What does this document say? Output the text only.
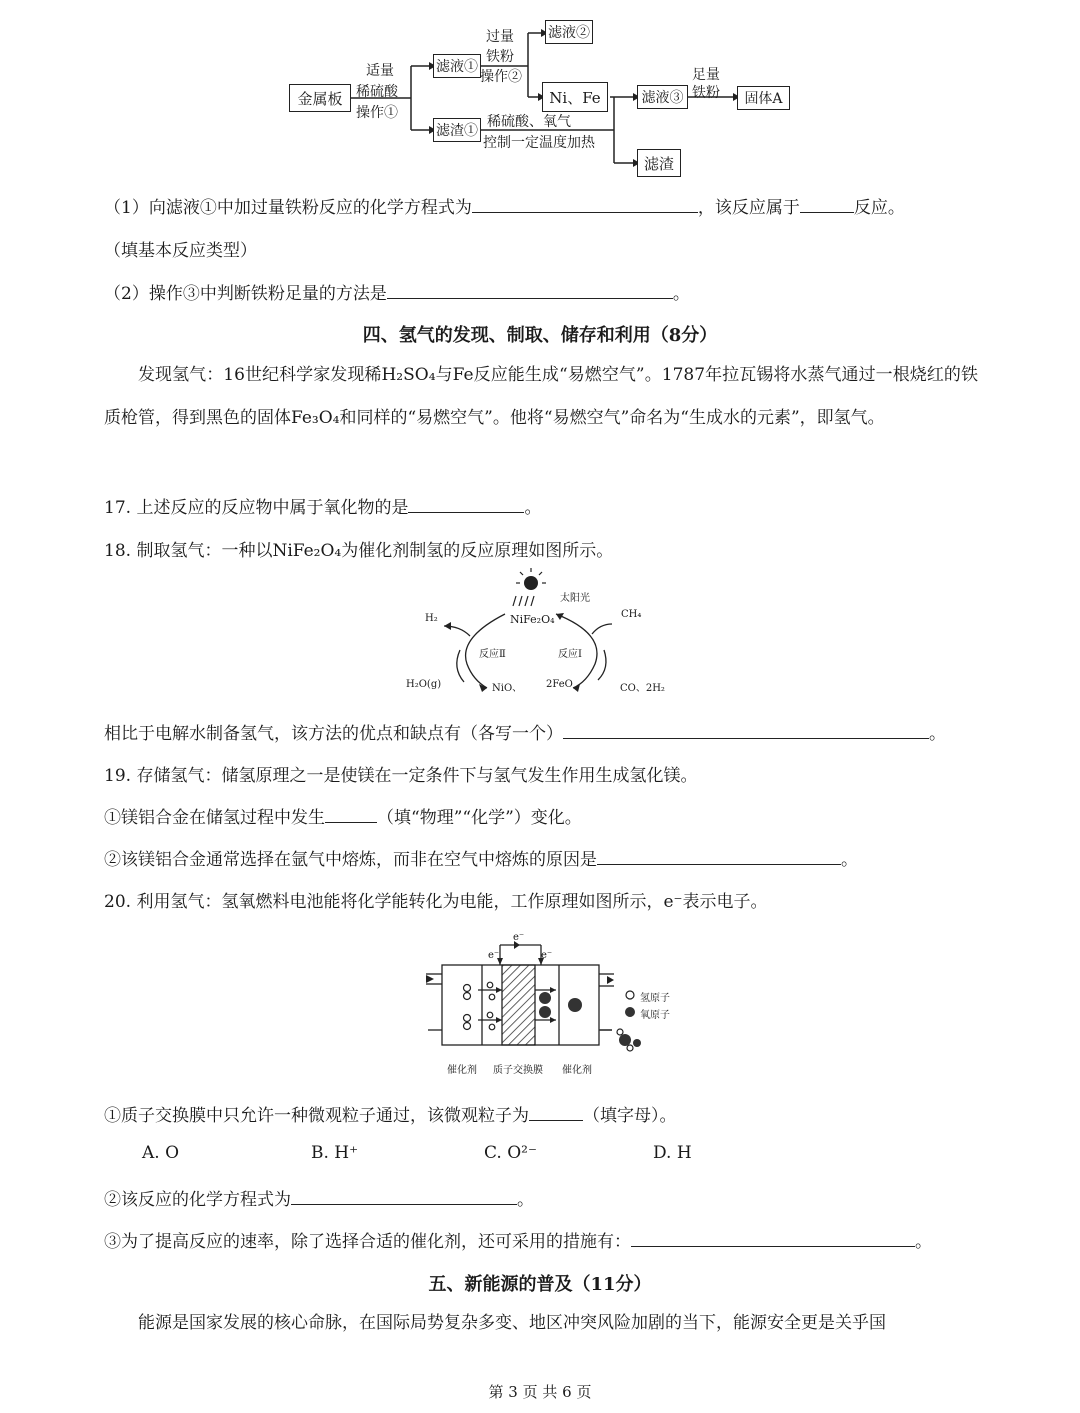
金属板
适量
稀硫酸
操作①
滤液①
滤渣①
过量
铁粉
操作②
滤液②
Ni、Fe
稀硫酸、氧气
控制一定温度加热
滤液③
足量
铁粉 固体A
滤渣
（1）向滤液①中加过量铁粉反应的化学方程式为	，该反应属于	反应。
（填基本反应类型）
（2）操作③中判断铁粉足量的方法是	。
四、氢气的发现、制取、储存和利用（8分）
发现氢气：16世纪科学家发现稀H₂SO₄与Fe反应能生成“易燃空气”。1787年拉瓦锡将水蒸气通过一根烧红的铁质枪管，得到黑色的固体Fe₃O₄和同样的“易燃空气”。他将“易燃空气”命名为“生成水的元素”，即氢气。
17. 上述反应的反应物中属于氧化物的是	。
18. 制取氢气：一种以NiFe₂O₄为催化剂制氢的反应原理如图所示。
太阳光
NiFe₂O₄
H₂	CH₄
反应Ⅱ	反应Ⅰ
H₂O(g)	NiO、 2FeO	CO、2H₂
相比于电解水制备氢气，该方法的优点和缺点有（各写一个）	。
19. 存储氢气：储氢原理之一是使镁在一定条件下与氢气发生作用生成氢化镁。
①镁铝合金在储氢过程中发生	（填“物理”“化学”）变化。
②该镁铝合金通常选择在氩气中熔炼，而非在空气中熔炼的原因是	。
20. 利用氢气：氢氧燃料电池能将化学能转化为电能，工作原理如图所示，e⁻表示电子。
e⁻
e⁻
e⁻
氢原子
氧原子
催化剂 质子交换膜 催化剂
①质子交换膜中只允许一种微观粒子通过，该微观粒子为	（填字母）。
A. O	B. H⁺	C. O²⁻	D. H
②该反应的化学方程式为	。
③为了提高反应的速率，除了选择合适的催化剂，还可采用的措施有：	。
五、新能源的普及（11分）
能源是国家发展的核心命脉，在国际局势复杂多变、地区冲突风险加剧的当下，能源安全更是关乎国
第 3 页 共 6 页
